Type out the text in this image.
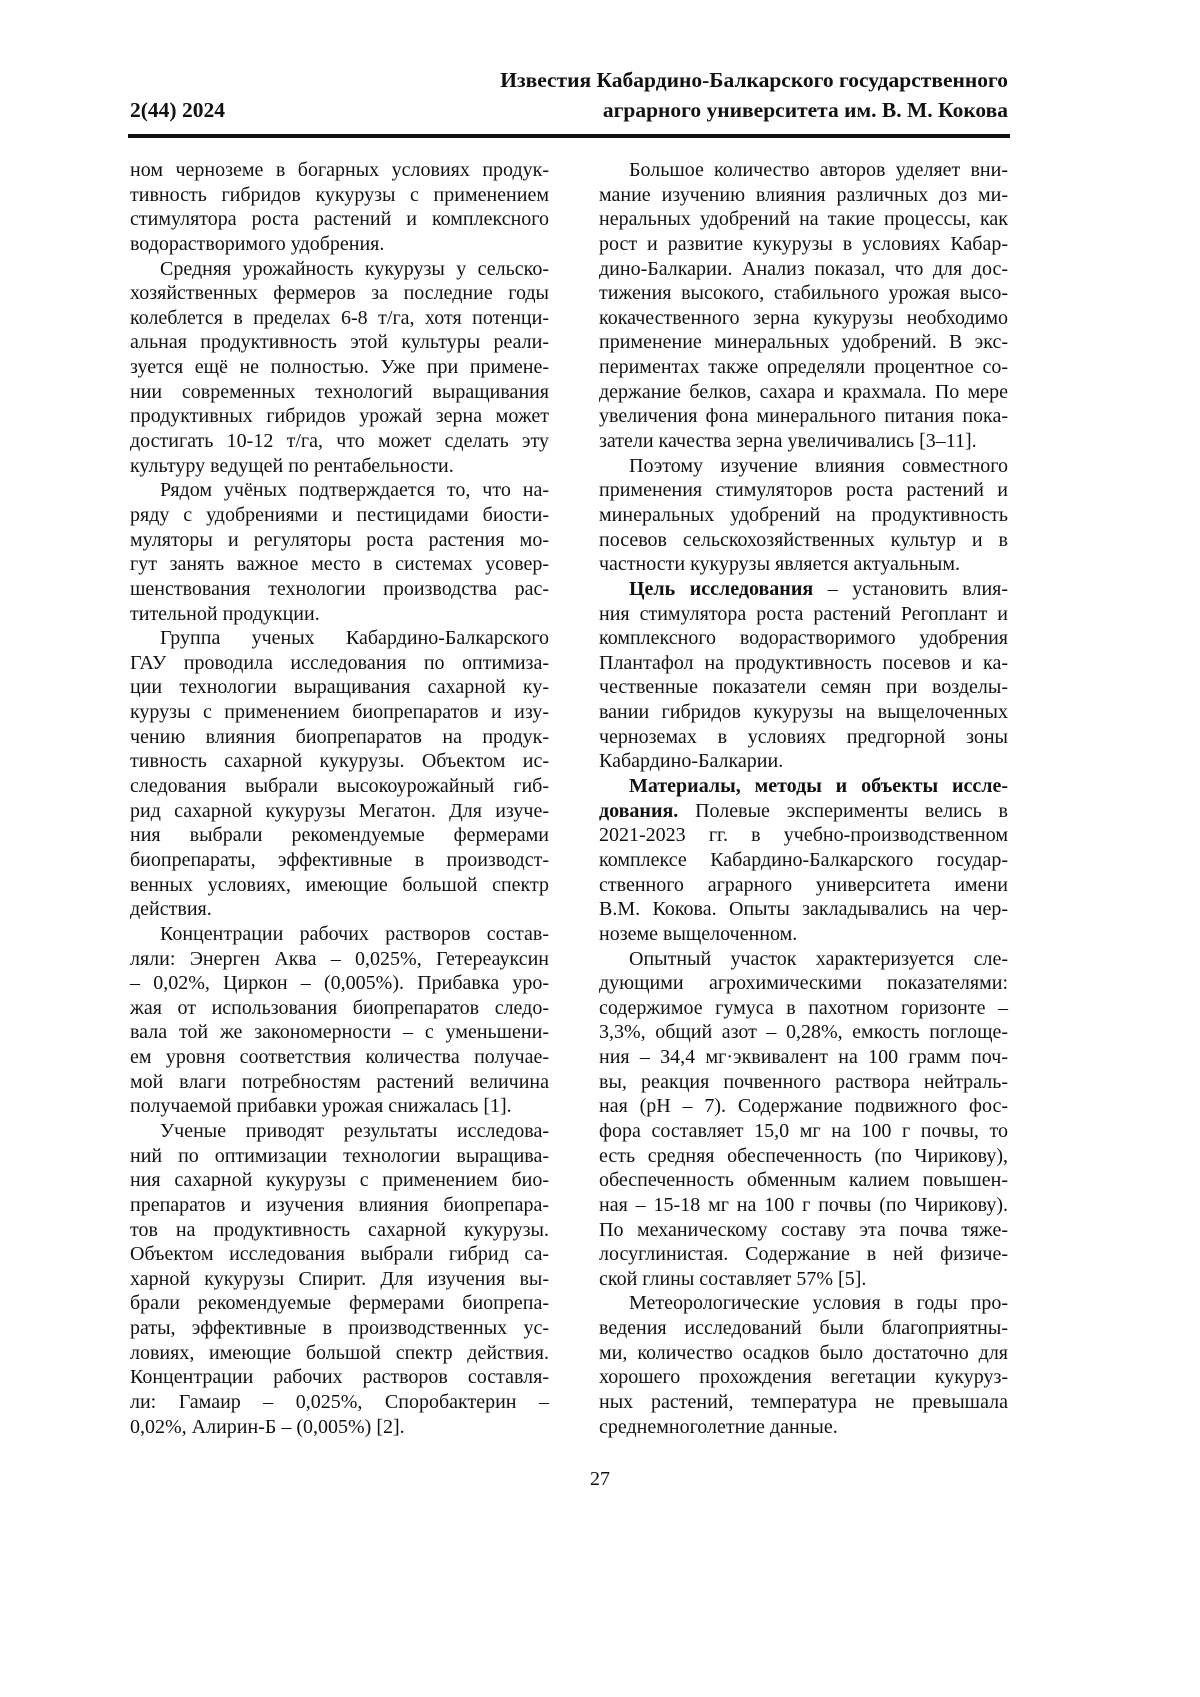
Известия Кабардино-Балкарского государственного
аграрного университета им. В. М. Кокова
2(44) 2024
ном черноземе в богарных условиях продук-
тивность гибридов кукурузы с применением
стимулятора роста растений и комплексного
водорастворимого удобрения.
Средняя урожайность кукурузы у сельско-
хозяйственных фермеров за последние годы
колеблется в пределах 6-8 т/га, хотя потенци-
альная продуктивность этой культуры реали-
зуется ещё не полностью. Уже при примене-
нии современных технологий выращивания
продуктивных гибридов урожай зерна может
достигать 10-12 т/га, что может сделать эту
культуру ведущей по рентабельности.
Рядом учёных подтверждается то, что на-
ряду с удобрениями и пестицидами биости-
муляторы и регуляторы роста растения мо-
гут занять важное место в системах усовер-
шенствования технологии производства рас-
тительной продукции.
Группа ученых Кабардино-Балкарского
ГАУ проводила исследования по оптимиза-
ции технологии выращивания сахарной ку-
курузы с применением биопрепаратов и изу-
чению влияния биопрепаратов на продук-
тивность сахарной кукурузы. Объектом ис-
следования выбрали высокоурожайный гиб-
рид сахарной кукурузы Мегатон. Для изуче-
ния выбрали рекомендуемые фермерами
биопрепараты, эффективные в производст-
венных условиях, имеющие большой спектр
действия.
Концентрации рабочих растворов состав-
ляли: Энерген Аква – 0,025%, Гетереауксин
– 0,02%, Циркон – (0,005%). Прибавка уро-
жая от использования биопрепаратов следо-
вала той же закономерности – с уменьшени-
ем уровня соответствия количества получае-
мой влаги потребностям растений величина
получаемой прибавки урожая снижалась [1].
Ученые приводят результаты исследова-
ний по оптимизации технологии выращива-
ния сахарной кукурузы с применением био-
препаратов и изучения влияния биопрепара-
тов на продуктивность сахарной кукурузы.
Объектом исследования выбрали гибрид са-
харной кукурузы Спирит. Для изучения вы-
брали рекомендуемые фермерами биопрепа-
раты, эффективные в производственных ус-
ловиях, имеющие большой спектр действия.
Концентрации рабочих растворов составля-
ли: Гамаир – 0,025%, Споробактерин –
0,02%, Алирин-Б – (0,005%) [2].
Большое количество авторов уделяет вни-
мание изучению влияния различных доз ми-
неральных удобрений на такие процессы, как
рост и развитие кукурузы в условиях Кабар-
дино-Балкарии. Анализ показал, что для дос-
тижения высокого, стабильного урожая высо-
кокачественного зерна кукурузы необходимо
применение минеральных удобрений. В экс-
периментах также определяли процентное со-
держание белков, сахара и крахмала. По мере
увеличения фона минерального питания пока-
затели качества зерна увеличивались [3–11].
Поэтому изучение влияния совместного
применения стимуляторов роста растений и
минеральных удобрений на продуктивность
посевов сельскохозяйственных культур и в
частности кукурузы является актуальным.
Цель исследования – установить влия-
ния стимулятора роста растений Регоплант и
комплексного водорастворимого удобрения
Плантафол на продуктивность посевов и ка-
чественные показатели семян при возделы-
вании гибридов кукурузы на выщелоченных
черноземах в условиях предгорной зоны
Кабардино-Балкарии.
Материалы, методы и объекты иссле-
дования. Полевые эксперименты велись в
2021-2023 гг. в учебно-производственном
комплексе Кабардино-Балкарского государ-
ственного аграрного университета имени
В.М. Кокова. Опыты закладывались на чер-
ноземе выщелоченном.
Опытный участок характеризуется сле-
дующими агрохимическими показателями:
содержимое гумуса в пахотном горизонте –
3,3%, общий азот – 0,28%, емкость поглоще-
ния – 34,4 мг·эквивалент на 100 грамм поч-
вы, реакция почвенного раствора нейтраль-
ная (рН – 7). Содержание подвижного фос-
фора составляет 15,0 мг на 100 г почвы, то
есть средняя обеспеченность (по Чирикову),
обеспеченность обменным калием повышен-
ная – 15-18 мг на 100 г почвы (по Чирикову).
По механическому составу эта почва тяже-
лосуглинистая. Содержание в ней физиче-
ской глины составляет 57% [5].
Метеорологические условия в годы про-
ведения исследований были благоприятны-
ми, количество осадков было достаточно для
хорошего прохождения вегетации кукуруз-
ных растений, температура не превышала
среднемноголетние данные.
27
